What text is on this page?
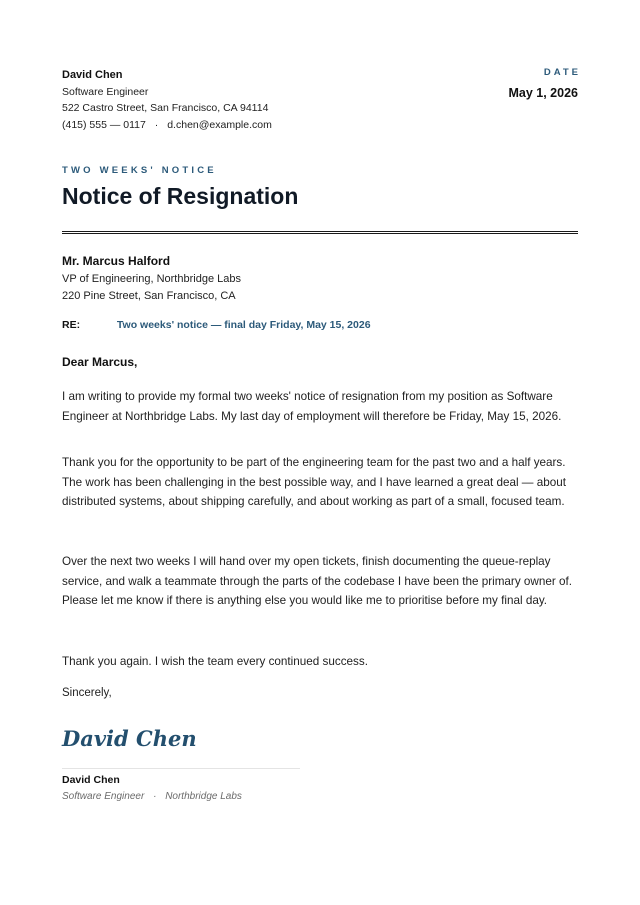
David Chen
Software Engineer
522 Castro Street, San Francisco, CA 94114
(415) 555 — 0117 · d.chen@example.com
DATE
May 1, 2026
TWO WEEKS' NOTICE
Notice of Resignation
Mr. Marcus Halford
VP of Engineering, Northbridge Labs
220 Pine Street, San Francisco, CA
RE:	Two weeks' notice — final day Friday, May 15, 2026
Dear Marcus,

I am writing to provide my formal two weeks' notice of resignation from my position as Software Engineer at Northbridge Labs. My last day of employment will therefore be Friday, May 15, 2026.

Thank you for the opportunity to be part of the engineering team for the past two and a half years. The work has been challenging in the best possible way, and I have learned a great deal — about distributed systems, about shipping carefully, and about working as part of a small, focused team.

Over the next two weeks I will hand over my open tickets, finish documenting the queue-replay service, and walk a teammate through the parts of the codebase I have been the primary owner of. Please let me know if there is anything else you would like me to prioritise before my final day.

Thank you again. I wish the team every continued success.

Sincerely,
David Chen
David Chen
Software Engineer · Northbridge Labs
